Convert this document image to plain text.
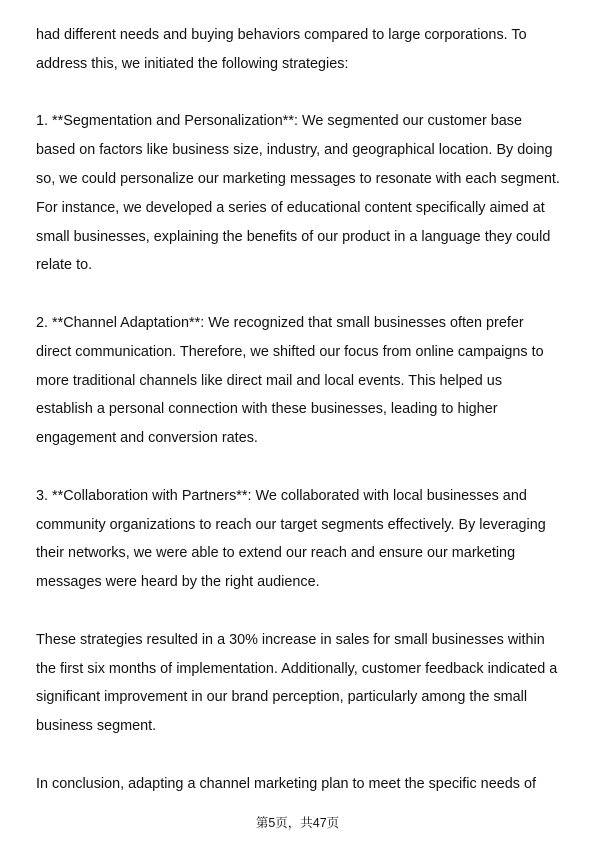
had different needs and buying behaviors compared to large corporations. To
address this, we initiated the following strategies:
1. **Segmentation and Personalization**: We segmented our customer base
based on factors like business size, industry, and geographical location. By doing
so, we could personalize our marketing messages to resonate with each segment.
For instance, we developed a series of educational content specifically aimed at
small businesses, explaining the benefits of our product in a language they could
relate to.
2. **Channel Adaptation**: We recognized that small businesses often prefer
direct communication. Therefore, we shifted our focus from online campaigns to
more traditional channels like direct mail and local events. This helped us
establish a personal connection with these businesses, leading to higher
engagement and conversion rates.
3. **Collaboration with Partners**: We collaborated with local businesses and
community organizations to reach our target segments effectively. By leveraging
their networks, we were able to extend our reach and ensure our marketing
messages were heard by the right audience.
These strategies resulted in a 30% increase in sales for small businesses within
the first six months of implementation. Additionally, customer feedback indicated a
significant improvement in our brand perception, particularly among the small
business segment.
In conclusion, adapting a channel marketing plan to meet the specific needs of
第5页，共47页
